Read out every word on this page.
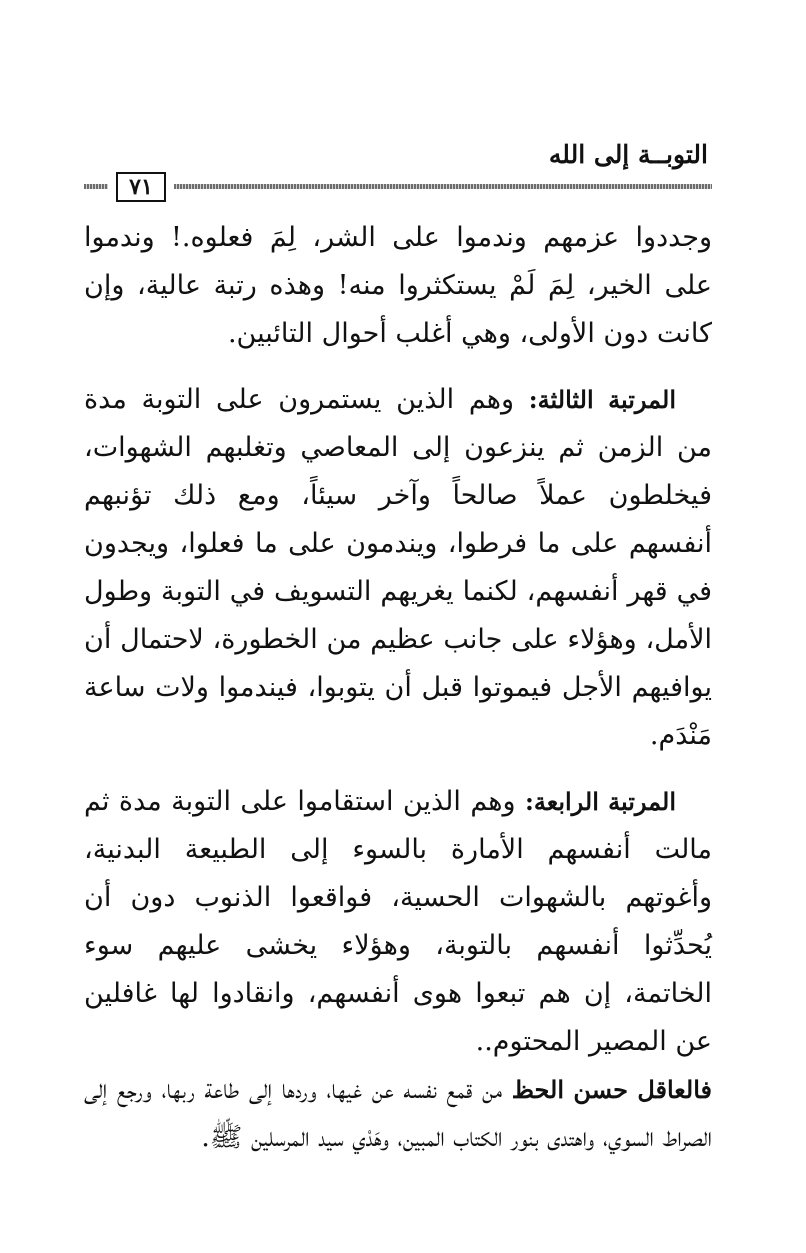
التوبــة إلى الله
٧١

وجددوا عزمهم وندموا على الشر، لِمَ فعلوه.! وندموا على الخير، لِمَ لَمْ يستكثروا منه! وهذه رتبة عالية، وإن كانت دون الأولى، وهي أغلب أحوال التائبين.

المرتبة الثالثة: وهم الذين يستمرون على التوبة مدة من الزمن ثم ينزعون إلى المعاصي وتغلبهم الشهوات، فيخلطون عملاً صالحاً وآخر سيئاً، ومع ذلك تؤنبهم أنفسهم على ما فرطوا، ويندمون على ما فعلوا، ويجدون في قهر أنفسهم، لكنما يغريهم التسويف في التوبة وطول الأمل، وهؤلاء على جانب عظيم من الخطورة، لاحتمال أن يوافيهم الأجل فيموتوا قبل أن يتوبوا، فيندموا ولات ساعة مَنْدَم.

المرتبة الرابعة: وهم الذين استقاموا على التوبة مدة ثم مالت أنفسهم الأمارة بالسوء إلى الطبيعة البدنية، وأغوتهم بالشهوات الحسية، فواقعوا الذنوب دون أن يُحدِّثوا أنفسهم بالتوبة، وهؤلاء يخشى عليهم سوء الخاتمة، إن هم تبعوا هوى أنفسهم، وانقادوا لها غافلين عن المصير المحتوم..

فالعاقل حسن الحظ من قمع نفسه عن غيها، وردها إلى طاعة ربها، ورجع إلى الصراط السوي، واهتدى بنور الكتاب المبين، وهَدْي سيد المرسلين ﷺ.
